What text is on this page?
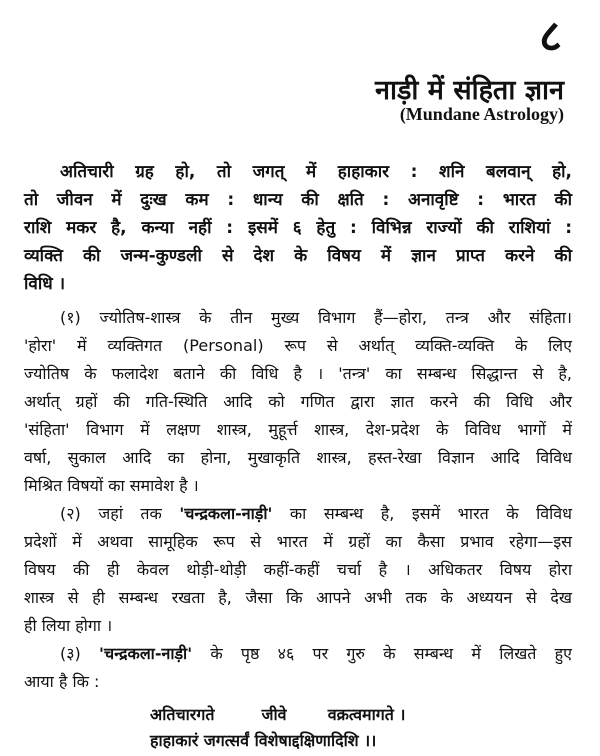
८
नाड़ी में संहिता ज्ञान
(Mundane Astrology)
अतिचारी ग्रह हो, तो जगत् में हाहाकार : शनि बलवान् हो,
तो जीवन में दुःख कम : धान्य की क्षति : अनावृष्टि : भारत की
राशि मकर है, कन्या नहीं : इसमें ६ हेतु : विभिन्न राज्यों की राशियां :
व्यक्ति की जन्म-कुण्डली से देश के विषय में ज्ञान प्राप्त करने की
विधि ।
(१) ज्योतिष-शास्त्र के तीन मुख्य विभाग हैं—होरा, तन्त्र और संहिता।
'होरा' में व्यक्तिगत (Personal) रूप से अर्थात् व्यक्ति-व्यक्ति के लिए
ज्योतिष के फलादेश बताने की विधि है । 'तन्त्र' का सम्बन्ध सिद्धान्त से है,
अर्थात् ग्रहों की गति-स्थिति आदि को गणित द्वारा ज्ञात करने की विधि और
'संहिता' विभाग में लक्षण शास्त्र, मुहूर्त्त शास्त्र, देश-प्रदेश के विविध भागों में
वर्षा, सुकाल आदि का होना, मुखाकृति शास्त्र, हस्त-रेखा विज्ञान आदि विविध
मिश्रित विषयों का समावेश है ।
(२) जहां तक 'चन्द्रकला-नाड़ी' का सम्बन्ध है, इसमें भारत के विविध
प्रदेशों में अथवा सामूहिक रूप से भारत में ग्रहों का कैसा प्रभाव रहेगा—इस
विषय की ही केवल थोड़ी-थोड़ी कहीं-कहीं चर्चा है । अधिकतर विषय होरा
शास्त्र से ही सम्बन्ध रखता है, जैसा कि आपने अभी तक के अध्ययन से देख
ही लिया होगा ।
(३) 'चन्द्रकला-नाड़ी' के पृष्ठ ४६ पर गुरु के सम्बन्ध में लिखते हुए
आया है कि :
अतिचारगते	जीवे	वक्रत्वमागते ।
हाहाकारं जगत्सर्वं विशेषाद्दक्षिणादिशि ।।
